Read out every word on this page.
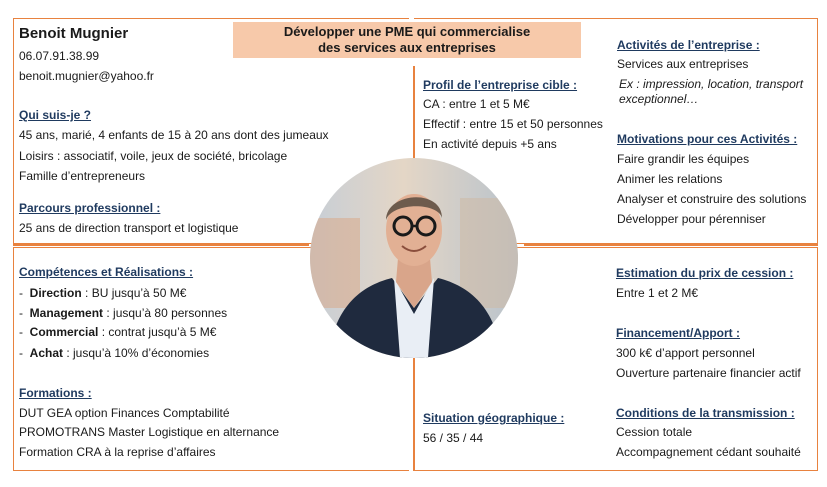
Développer une PME qui commercialise
des services aux entreprises
Benoit Mugnier
06.07.91.38.99
benoit.mugnier@yahoo.fr
Qui suis-je ?
45 ans, marié, 4 enfants de 15 à 20 ans dont des jumeaux
Loisirs : associatif, voile, jeux de société, bricolage
Famille d’entrepreneurs
Parcours professionnel :
25 ans de direction transport et logistique
Compétences et Réalisations :
-  Direction : BU jusqu’à 50 M€
-  Management : jusqu’à 80 personnes
-  Commercial : contrat jusqu’à 5 M€
-  Achat : jusqu’à 10% d’économies
Formations :
DUT GEA option Finances Comptabilité
PROMOTRANS Master Logistique en alternance
Formation CRA à la reprise d’affaires
Profil de l’entreprise cible :
CA : entre 1 et 5 M€
Effectif : entre 15 et 50 personnes
En activité depuis +5 ans
Situation géographique :
56 / 35 / 44
Activités de l’entreprise :
Services aux entreprises
Ex : impression, location, transport
exceptionnel…
Motivations pour ces Activités :
Faire grandir les équipes
Animer les relations
Analyser et construire des solutions
Développer pour pérenniser
Estimation du prix de cession :
Entre 1 et 2 M€
Financement/Apport :
300 k€ d’apport personnel
Ouverture partenaire financier actif
Conditions de la transmission :
Cession totale
Accompagnement cédant souhaité
